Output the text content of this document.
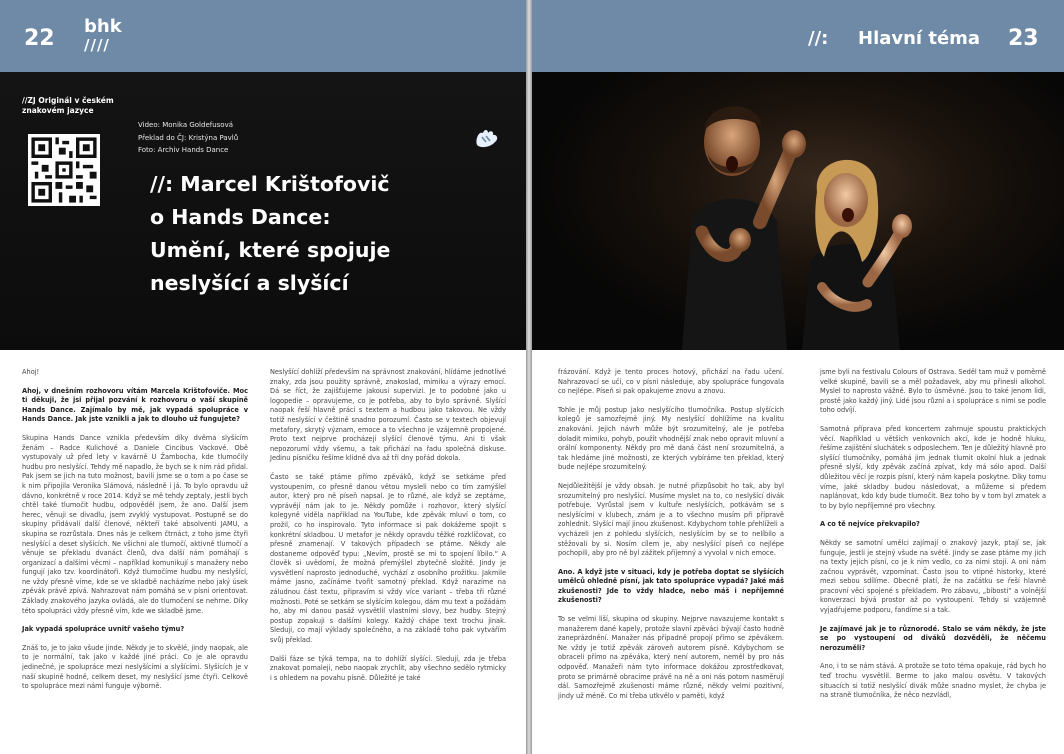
22 bhk
////
//ZJ Originál v českém znakovém jazyce
Video: Monika Goldefusová
Překlad do ČJ: Kristýna Pavlů
Foto: Archiv Hands Dance
//: Marcel Krištofovič
o Hands Dance:
Umění, které spojuje
neslyšící a slyšící

Ahoj!

Ahoj, v dnešním rozhovoru vítám Marcela Krištofoviče. Moc ti děkuji, že jsi přijal pozvání k rozhovoru o vaší skupině Hands Dance. Zajímalo by mě, jak vypadá spolupráce v Hands Dance. Jak jste vznikli a jak to dlouho už fungujete?

Skupina Hands Dance vznikla především díky dvěma slyšícím ženám – Radce Kulichové a Daniele Cincibus Vackové. Obě vystupovaly už před lety v kavárně U Žambocha, kde tlumočily hudbu pro neslyšící. Tehdy mě napadlo, že bych se k nim rád přidal. Pak jsem se jich na tuto možnost, bavili jsme se o tom a po čase se k nim připojila Veronika Slámová, následně i já. To bylo opravdu už dávno, konkrétně v roce 2014. Když se mě tehdy zeptaly, jestli bych chtěl také tlumočit hudbu, odpověděl jsem, že ano. Další jsem herec, věnuji se divadlu, jsem zvyklý vystupovat. Postupně se do skupiny přidávali další členové, někteří také absolventi JAMU, a skupina se rozrůstala. Dnes nás je celkem čtrnáct, z toho jsme čtyři neslyšící a deset slyšících. Ne všichni ale tlumočí, aktivně tlumočí a věnuje se překladu dvanáct členů, dva další nám pomáhají s organizací a dalšími věcmi – například komunikují s manažery nebo fungují jako tzv. koordinátoři. Když tlumočíme hudbu my neslyšící, ne vždy přesně víme, kde se ve skladbě nacházíme nebo jaký úsek zpěvák právě zpívá. Nahrazovat nám pomáhá se v písni orientovat. Základy znakového jazyka ovládá, ale do tlumočení se nehrne. Díky této spolupráci vždy přesně vím, kde we skladbě jsme.

Jak vypadá spolupráce uvnitř vašeho týmu?

Znáš to, je to jako všude jinde. Někdy je to skvělé, jindy naopak, ale to je normální, tak jako v každé jiné práci. Co je ale opravdu jedinečné, je spolupráce mezi neslyšícími a slyšícími. Slyšících je v naší skupině hodně, celkem deset, my neslyšící jsme čtyři. Celkově to spolupráce mezi námi funguje výborně.

Neslyšící dohlíží především na správnost znakování, hlídáme jednotlivé znaky, zda jsou použity správně, znakoslad, mimiku a výrazy emocí. Dá se říct, že zajišťujeme jakousi supervizi. Je to podobné jako u logopedie – opravujeme, co je potřeba, aby to bylo správně. Slyšící naopak řeší hlavně práci s textem a hudbou jako takovou. Ne vždy totiž neslyšící v češtině snadno porozumí. Často se v textech objevují metafory, skrytý význam, emoce a to všechno je vzájemně propojené. Proto text nejprve procházejí slyšící členové týmu. Ani ti však nepozorumí vždy všemu, a tak přichází na řadu společná diskuse. Jedinu písničku řešíme klidně dva až tři dny pořád dokola.

Často se také ptáme přímo zpěváků, když se setkáme před vystoupením, co přesně danou větou mysleli nebo co tím zamýšlel autor, který pro ně píseň napsal. Je to různé, ale když se zeptáme, vyprávějí nám jak to je. Někdy pomůže i rozhovor, který slyšící kolegyně viděla například na YouTube, kde zpěvák mluví o tom, co prožil, co ho inspirovalo. Tyto informace si pak dokážeme spojit s konkrétní skladbou. U metafor je někdy opravdu těžké rozklíčovat, co přesně znamenají. V takových případech se ptáme. Někdy ale dostaneme odpověď typu: „Nevím, prostě se mi to spojení líbilo.“ A člověk si uvědomí, že možná přemýšlel zbytečně složitě. Jindy je vysvětlení naprosto jednoduché, vychází z osobního prožitku. Jakmile máme jasno, začínáme tvořit samotný překlad. Když narazíme na záludnou část textu, připravím si vždy více variant – třeba tři různé možnosti. Poté se setkám se slyšícím kolegou, dám mu text a požádám ho, aby mi danou pasáž vysvětlil vlastními slovy, bez hudby. Stejný postup zopakuji s dalšími kolegy. Každý chápe text trochu jinak. Sleduji, co mají výklady společného, a na základě toho pak vytvářím svůj překlad.

Další fáze se týká tempa, na to dohlíží slyšící. Sledují, zda je třeba znakovat pomaleji, nebo naopak zrychlit, aby všechno sedělo rytmicky i s ohledem na povahu písně. Důležité je také

//: Hlavní téma 23

frázování. Když je tento proces hotový, přichází na řadu učení. Nahrazovací se učí, co v písni následuje, aby spolupráce fungovala co nejlépe. Píseň si pak opakujeme znovu a znovu.

Tohle je můj postup jako neslyšícího tlumočníka. Postup slyšících kolegů je samozřejmě jiný. My neslyšící dohlížíme na kvalitu znakování. Jejich návrh může být srozumitelný, ale je potřeba doladit mimiku, pohyb, použít vhodnější znak nebo opravit mluvní a orální komponenty. Někdy pro mě daná část není srozumitelná, a tak hledáme jiné možnosti, ze kterých vybíráme ten překlad, který bude nejlépe srozumitelný.

Nejdůležitější je vždy obsah. Je nutné přizpůsobit ho tak, aby byl srozumitelný pro neslyšící. Musíme myslet na to, co neslyšící divák potřebuje. Vyrůstal jsem v kultuře neslyšících, potkávám se s neslyšícími v klubech, znám je a to všechno musím při přípravě zohlednit. Slyšící mají jinou zkušenost. Kdybychom tohle přehlíželi a vycházeli jen z pohledu slyšících, neslyšícím by se to nelíbilo a stěžovali by si. Nosím cílem je, aby neslyšící píseň co nejlépe pochopili, aby pro ně byl zážitek příjemný a vyvolal v nich emoce.

Ano. A když jste v situaci, kdy je potřeba doptat se slyšících umělců ohledně písní, jak tato spolupráce vypadá? Jaké máš zkušenosti? Jde to vždy hladce, nebo máš i nepříjemné zkušenosti?

To se velmi liší, skupina od skupiny. Nejprve navazujeme kontakt s manažerem dané kapely, protože slavní zpěváci bývají často hodně zaneprázdnění. Manažer nás případně propojí přímo se zpěvákem. Ne vždy je totiž zpěvák zároveň autorem písně. Kdybychom se obraceli přímo na zpěváka, který není autorem, neměl by pro nás odpověď. Manažeři nám tyto informace dokážou zprostředkovat, proto se primárně obracíme právě na ně a oni nás potom nasměrují dál. Samozřejmě zkušenosti máme různé, někdy velmi pozitivní, jindy už méně. Co mi třeba utkvělo v paměti, když

jsme byli na festivalu Colours of Ostrava. Seděl tam muž v poměrně velké skupině, bavili se a měl požadavek, aby mu přinesli alkohol. Myslel to naprosto vážně. Bylo to úsměvné. Jsou to také jenom lidi, prostě jako každý jiný. Lidé jsou různí a i spolupráce s nimi se podle toho odvíjí.

Samotná příprava před koncertem zahrnuje spoustu praktických věcí. Například u větších venkovních akcí, kde je hodně hluku, řešíme zajištění sluchátek s odposlechem. Ten je důležitý hlavně pro slyšící tlumočníky, pomáhá jim jednak tlumit okolní hluk a jednak přesně slyší, kdy zpěvák začíná zpívat, kdy má sólo apod. Další důležitou věcí je rozpis písní, který nám kapela poskytne. Díky tomu víme, jaké skladby budou následovat, a můžeme si předem naplánovat, kdo kdy bude tlumočit. Bez toho by v tom byl zmatek a to by bylo nepříjemné pro všechny.

A co tě nejvíce překvapilo?

Někdy se samotní umělci zajímají o znakový jazyk, ptají se, jak funguje, jestli je stejný všude na světě. Jindy se zase ptáme my jich na texty jejich písní, co je k nim vedlo, co za nimi stojí. A oni nám začnou vyprávět, vzpomínat. Často jsou to vtipné historky, které mezi sebou sdílíme. Obecně platí, že na začátku se řeší hlavně pracovní věci spojené s překladem. Pro zábavu, „bibosti“ a volnější konverzaci bývá prostor až po vystoupení. Tehdy si vzájemně vyjadřujeme podporu, fandíme si a tak.

Je zajímavé jak je to různorodé. Stalo se vám někdy, že jste se po vystoupení od diváků dozvěděli, že něčemu nerozuměli?

Ano, i to se nám stává. A protože se toto téma opakuje, rád bych ho teď trochu vysvětlil. Berme to jako malou osvětu. V takových situacích si totiž neslyšící divák může snadno myslet, že chyba je na straně tlumočníka, že něco nezvládl,
